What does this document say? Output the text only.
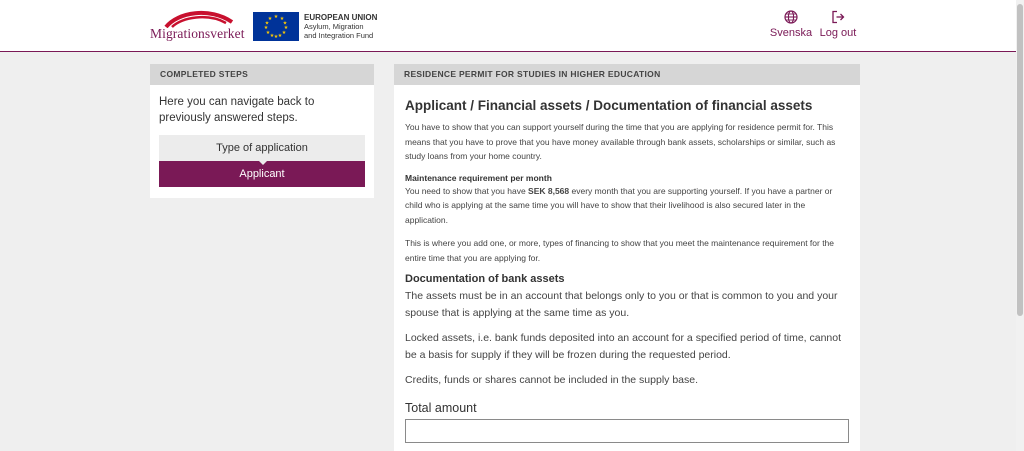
Migrationsverket
★ ★
★
★
★
★
★
★
★
★
★
★	EUROPEAN UNION
Asylum, Migration
and Integration Fund	Svenska Log out
COMPLETED STEPS
Here you can navigate back to previously answered steps.
Type of application
Applicant
RESIDENCE PERMIT FOR STUDIES IN HIGHER EDUCATION
Applicant / Financial assets / Documentation of financial assets

You have to show that you can support yourself during the time that you are applying for residence permit for. This means that you have to prove that you have money available through bank assets, scholarships or similar, such as study loans from your home country.

Maintenance requirement per month

You need to show that you have SEK 8,568 every month that you are supporting yourself. If you have a partner or child who is applying at the same time you will have to show that their livelihood is also secured later in the application.

This is where you add one, or more, types of financing to show that you meet the maintenance requirement for the entire time that you are applying for.

Documentation of bank assets

The assets must be in an account that belongs only to you or that is common to you and your spouse that is applying at the same time as you.

Locked assets, i.e. bank funds deposited into an account for a specified period of time, cannot be a basis for supply if they will be frozen during the requested period.

Credits, funds or shares cannot be included in the supply base.

Total amount
